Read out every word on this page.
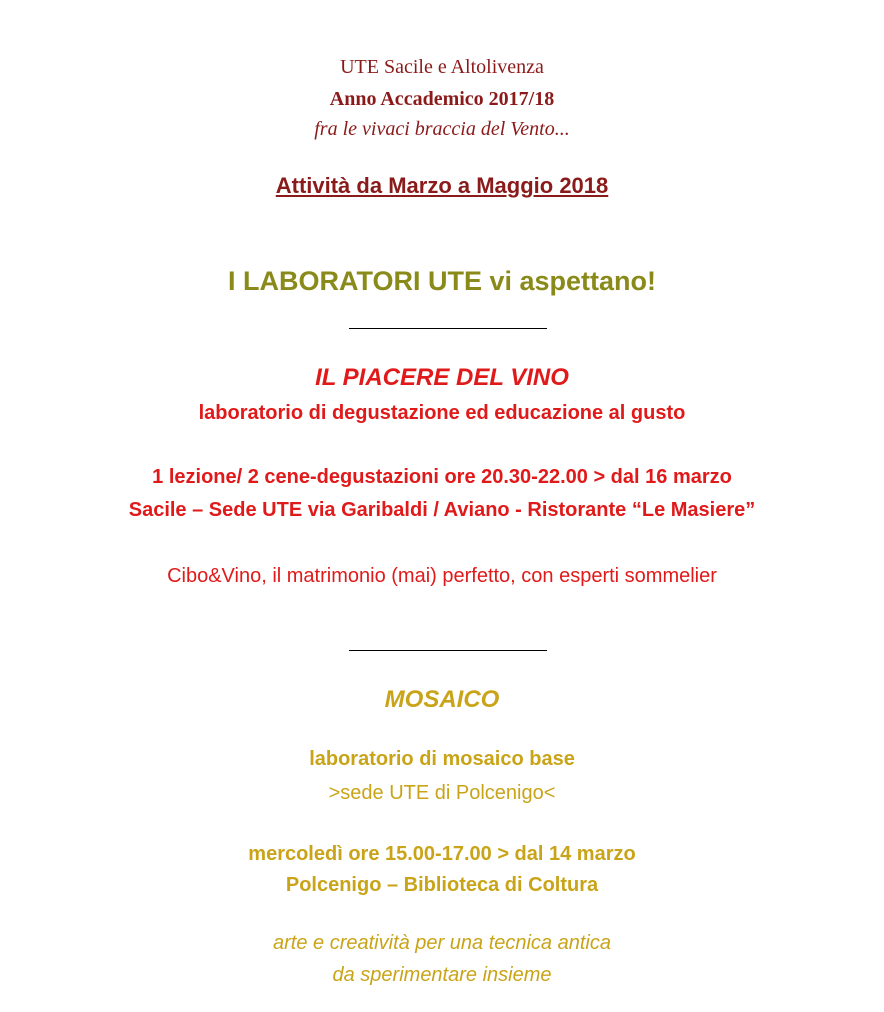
UTE Sacile e Altolivenza

Anno Accademico 2017/18

fra le vivaci braccia del Vento...

Attività da Marzo a Maggio 2018

I LABORATORI UTE vi aspettano!

IL PIACERE DEL VINO

laboratorio di degustazione ed educazione al gusto

1 lezione/ 2 cene-degustazioni ore 20.30-22.00 > dal 16 marzo

Sacile – Sede UTE via Garibaldi / Aviano - Ristorante “Le Masiere”

Cibo&Vino, il matrimonio (mai) perfetto, con esperti sommelier

MOSAICO

laboratorio di mosaico base

>sede UTE di Polcenigo<

mercoledì ore 15.00-17.00 > dal 14 marzo

Polcenigo – Biblioteca di Coltura

arte e creatività per una tecnica antica

da sperimentare insieme
